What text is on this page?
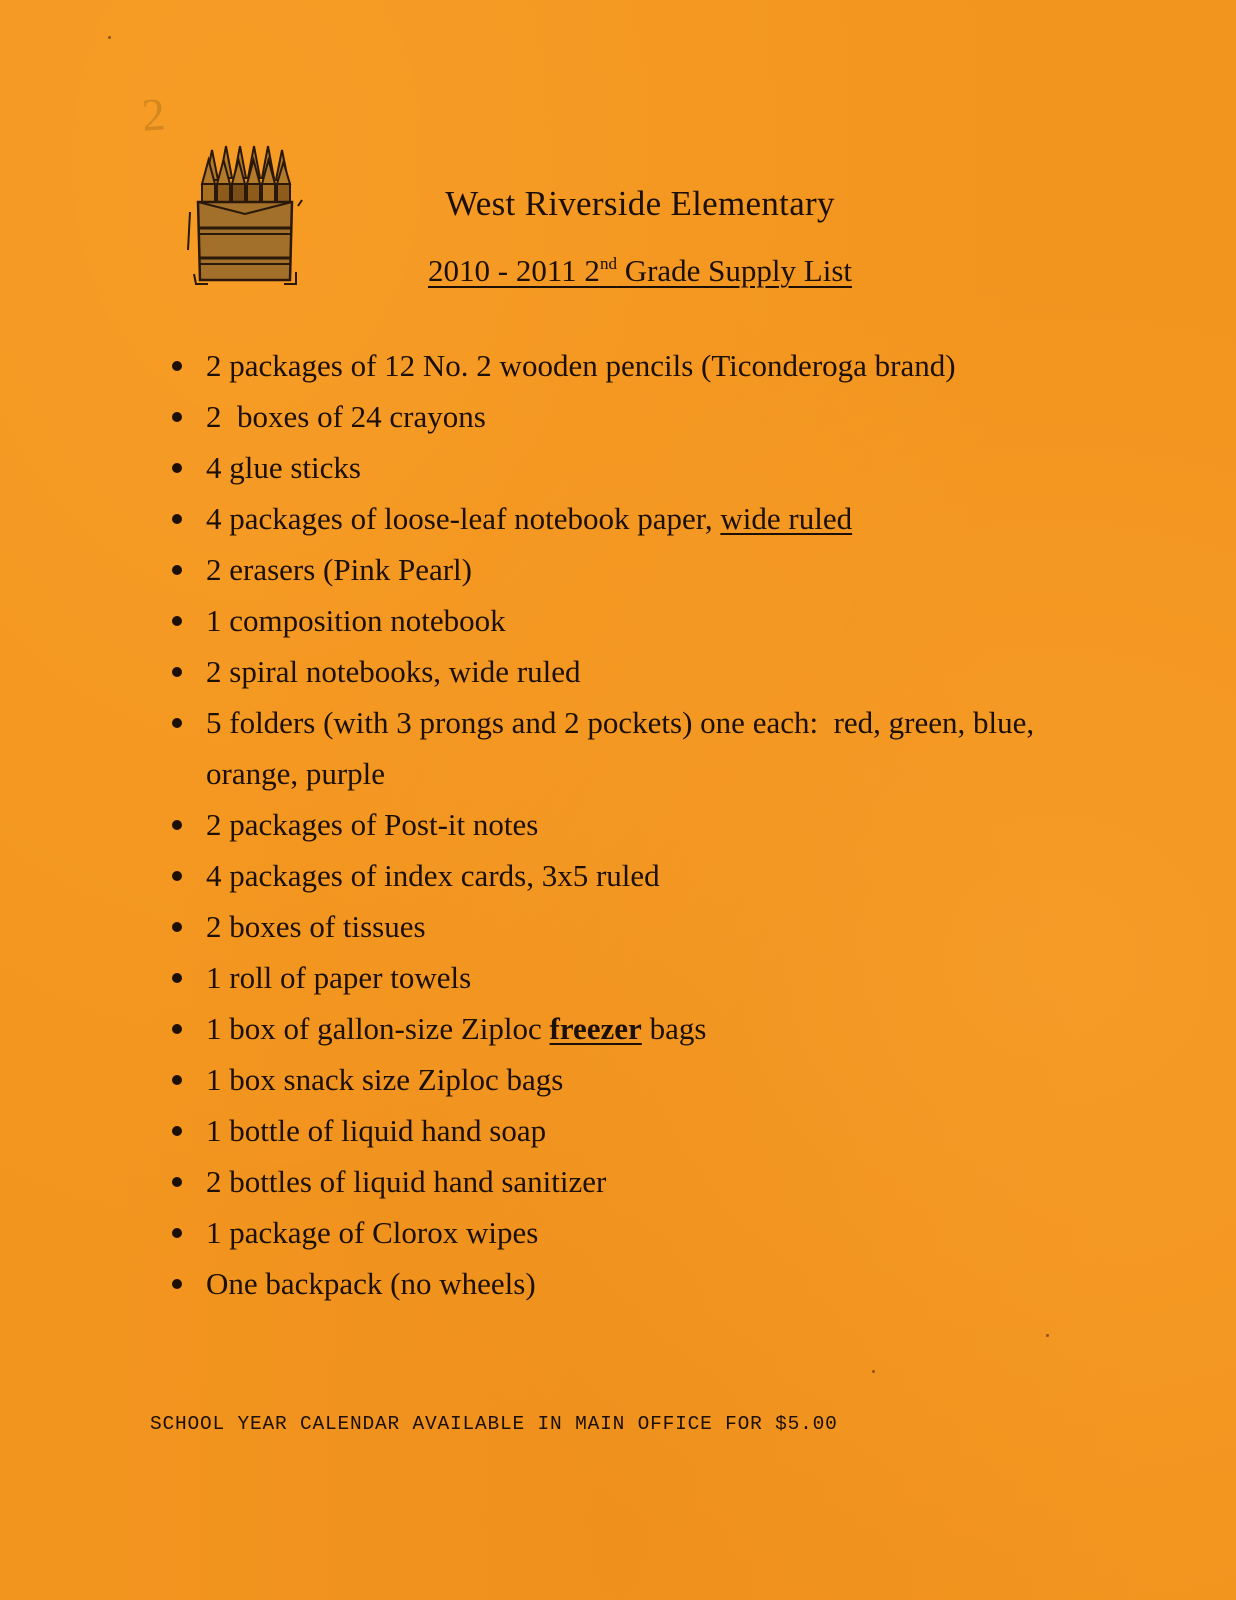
2
West Riverside Elementary
2010 - 2011 2nd Grade Supply List
2 packages of 12 No. 2 wooden pencils (Ticonderoga brand)
2  boxes of 24 crayons
4 glue sticks
4 packages of loose-leaf notebook paper, wide ruled
2 erasers (Pink Pearl)
1 composition notebook
2 spiral notebooks, wide ruled
5 folders (with 3 prongs and 2 pockets) one each:  red, green, blue, orange, purple
2 packages of Post-it notes
4 packages of index cards, 3x5 ruled
2 boxes of tissues
1 roll of paper towels
1 box of gallon-size Ziploc freezer bags
1 box snack size Ziploc bags
1 bottle of liquid hand soap
2 bottles of liquid hand sanitizer
1 package of Clorox wipes
One backpack (no wheels)
SCHOOL YEAR CALENDAR AVAILABLE IN MAIN OFFICE FOR $5.00
